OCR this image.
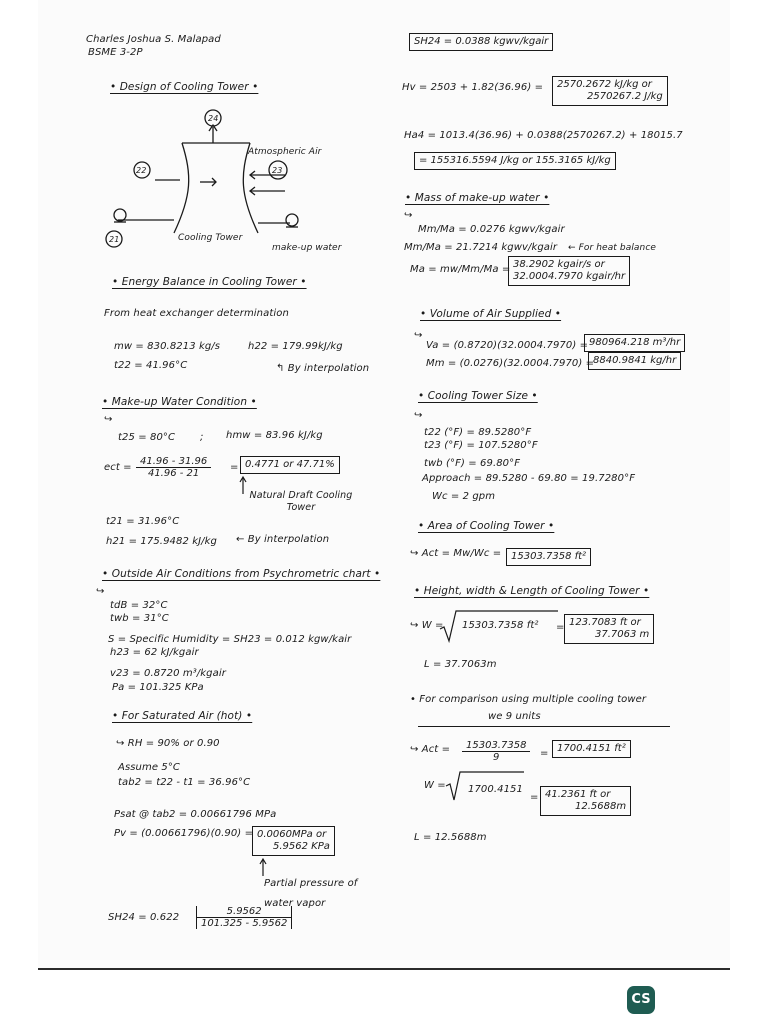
Charles Joshua S. Malapad
BSME 3-2P
• Design of Cooling Tower •
24
22	23
21
Atmospheric Air
Cooling Tower
make-up water
• Energy Balance in Cooling Tower •
From heat exchanger determination
mw = 830.8213 kg/s	h22 = 179.99kJ/kg
t22 = 41.96°C	↰ By interpolation
• Make-up Water Condition •
↪
t25 = 80°C ; hmw = 83.96 kJ/kg
ect = $\frac{41.96 - 31.96}{41.96 - 21} = 0.4771$ or 47.71%
Natural Draft Cooling Tower
t21 = 31.96°C
h21 = 175.9482 kJ/kg ← By interpolation
• Outside Air Conditions from Psychrometric chart •
↪
tdB = 32°C
twb = 31°C
S = Specific Humidity = SH23 = 0.012 kgw/kair
h23 = 62 kJ/kgair
v23 = 0.8720 m³/kgair
Pa = 101.325 KPa
• For Saturated Air (hot) •
↪ RH = 90% or 0.90
Assume 5°C
tab2 = t22 - t1 = 36.96°C
Psat @ tab2 = 0.00661796 MPa
Pv = (0.00661796)(0.90) = 0.0060MPa or
5.9562 KPa
Partial pressure of
water vapor
$SH24 = 0.622 \frac{5.9562}{101.325 - 5.9562}$
SH24 = 0.0388 kgwv/kgair
Hv = 2503 + 1.82(36.96) = 2570.2672 kJ/kg or
2570267.2 J/kg
Ha4 = 1013.4(36.96) + 0.0388(2570267.2) + 18015.7
= 155316.5594 J/kg or 155.3165 kJ/kg
• Mass of make-up water •
↪
Mm/Ma = 0.0276 kgwv/kgair
Mm/Ma = 21.7214 kgwv/kgair ← For heat balance
Ma = mw/Mm/Ma = 38.2902 kgair/s or
32.0004.7970 kgair/hr
• Volume of Air Supplied •
↪
Va = (0.8720)(32.0004.7970) = 980964.218 m³/hr
Mm = (0.0276)(32.0004.7970) =
8840.9841 kg/hr
• Cooling Tower Size •
↪
t22 (°F) = 89.5280°F
t23 (°F) = 107.5280°F
twb (°F) = 69.80°F
Approach = 89.5280 - 69.80 = 19.7280°F
Wc = 2 gpm
• Area of Cooling Tower •
↪ Act = Mw/Wc = 15303.7358 ft²
• Height, width & Length of Cooling Tower •
↪ W = 15303.7358 ft² = 123.7083 ft or
37.7063 m
L = 37.7063m
• For comparison using multiple cooling tower
we 9 units
↪ Act = $\frac{15303.7358}{9} = 1700.4151$ ft²
W = 1700.4151
= 41.2361 ft or
12.5688m
L = 12.5688m
CS
